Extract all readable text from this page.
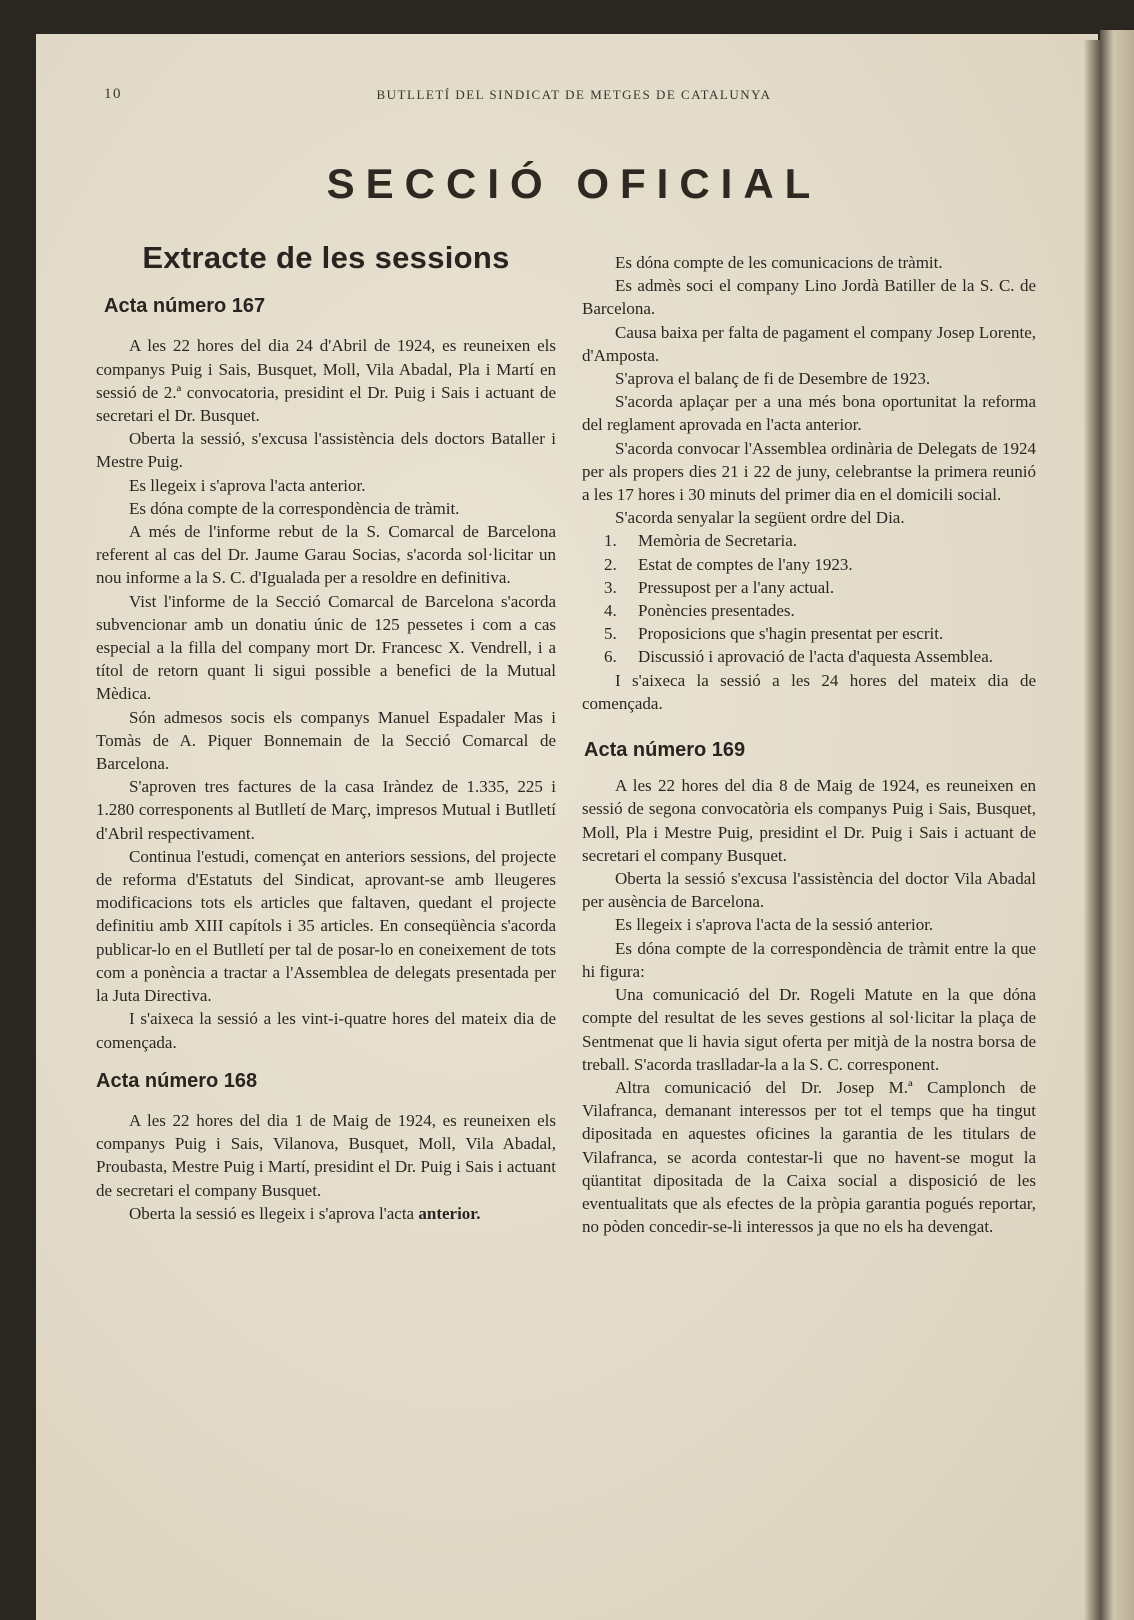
10	BUTLLETÍ DEL SINDICAT DE METGES DE CATALUNYA
SECCIÓ OFICIAL
Extracte de les sessions
Acta número 167

A les 22 hores del dia 24 d'Abril de 1924, es reuneixen els companys Puig i Sais, Busquet, Moll, Vila Abadal, Pla i Martí en sessió de 2.ª convocatoria, presidint el Dr. Puig i Sais i actuant de secretari el Dr. Busquet.

Oberta la sessió, s'excusa l'assistència dels doctors Bataller i Mestre Puig.

Es llegeix i s'aprova l'acta anterior.

Es dóna compte de la correspondència de tràmit.

A més de l'informe rebut de la S. Comarcal de Barcelona referent al cas del Dr. Jaume Garau Socias, s'acorda sol·licitar un nou informe a la S. C. d'Igualada per a resoldre en definitiva.

Vist l'informe de la Secció Comarcal de Barcelona s'acorda subvencionar amb un donatiu únic de 125 pessetes i com a cas especial a la filla del company mort Dr. Francesc X. Vendrell, i a títol de retorn quant li sigui possible a benefici de la Mutual Mèdica.

Són admesos socis els companys Manuel Espadaler Mas i Tomàs de A. Piquer Bonnemain de la Secció Comarcal de Barcelona.

S'aproven tres factures de la casa Iràndez de 1.335, 225 i 1.280 corresponents al Butlletí de Març, impresos Mutual i Butlletí d'Abril respectivament.

Continua l'estudi, començat en anteriors sessions, del projecte de reforma d'Estatuts del Sindicat, aprovant-se amb lleugeres modificacions tots els articles que faltaven, quedant el projecte definitiu amb XIII capítols i 35 articles. En conseqüència s'acorda publicar-lo en el Butlletí per tal de posar-lo en coneixement de tots com a ponència a tractar a l'Assemblea de delegats presentada per la Juta Directiva.

I s'aixeca la sessió a les vint-i-quatre hores del mateix dia de començada.

Acta número 168

A les 22 hores del dia 1 de Maig de 1924, es reuneixen els companys Puig i Sais, Vilanova, Busquet, Moll, Vila Abadal, Proubasta, Mestre Puig i Martí, presidint el Dr. Puig i Sais i actuant de secretari el company Busquet.

Oberta la sessió es llegeix i s'aprova l'acta anterior.

Es dóna compte de les comunicacions de tràmit.

Es admès soci el company Lino Jordà Batiller de la S. C. de Barcelona.

Causa baixa per falta de pagament el company Josep Lorente, d'Amposta.

S'aprova el balanç de fi de Desembre de 1923.

S'acorda aplaçar per a una més bona oportunitat la reforma del reglament aprovada en l'acta anterior.

S'acorda convocar l'Assemblea ordinària de Delegats de 1924 per als propers dies 21 i 22 de juny, celebrantse la primera reunió a les 17 hores i 30 minuts del primer dia en el domicili social.

S'acorda senyalar la següent ordre del Dia.

1. Memòria de Secretaria.
2. Estat de comptes de l'any 1923.
3. Pressupost per a l'any actual.
4. Ponències presentades.
5. Proposicions que s'hagin presentat per escrit.
6. Discussió i aprovació de l'acta d'aquesta Assemblea.

I s'aixeca la sessió a les 24 hores del mateix dia de començada.

Acta número 169

A les 22 hores del dia 8 de Maig de 1924, es reuneixen en sessió de segona convocatòria els companys Puig i Sais, Busquet, Moll, Pla i Mestre Puig, presidint el Dr. Puig i Sais i actuant de secretari el company Busquet.

Oberta la sessió s'excusa l'assistència del doctor Vila Abadal per ausència de Barcelona.

Es llegeix i s'aprova l'acta de la sessió anterior.

Es dóna compte de la correspondència de tràmit entre la que hi figura:

Una comunicació del Dr. Rogeli Matute en la que dóna compte del resultat de les seves gestions al sol·licitar la plaça de Sentmenat que li havia sigut oferta per mitjà de la nostra borsa de treball. S'acorda traslladar-la a la S. C. corresponent.

Altra comunicació del Dr. Josep M.ª Camplonch de Vilafranca, demanant interessos per tot el temps que ha tingut dipositada en aquestes oficines la garantia de les titulars de Vilafranca, se acorda contestar-li que no havent-se mogut la qüantitat dipositada de la Caixa social a disposició de les eventualitats que als efectes de la pròpia garantia pogués reportar, no pòden concedir-se-li interessos ja que no els ha devengat.
